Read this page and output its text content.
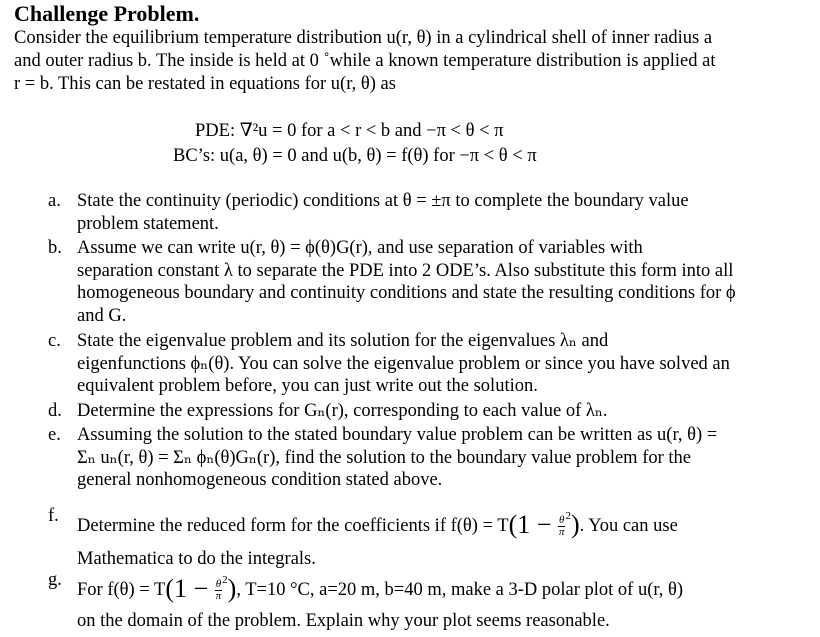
Challenge Problem.
Consider the equilibrium temperature distribution u(r, θ) in a cylindrical shell of inner radius a
and outer radius b. The inside is held at 0 ˚while a known temperature distribution is applied at
r = b. This can be restated in equations for u(r, θ) as
PDE: ∇²u = 0 for a < r < b and −π < θ < π
BC’s: u(a, θ) = 0 and u(b, θ) = f(θ) for −π < θ < π
a. State the continuity (periodic) conditions at θ = ±π to complete the boundary value
problem statement.
b. Assume we can write u(r, θ) = ϕ(θ)G(r), and use separation of variables with
separation constant λ to separate the PDE into 2 ODE’s. Also substitute this form into all
homogeneous boundary and continuity conditions and state the resulting conditions for ϕ
and G.
c. State the eigenvalue problem and its solution for the eigenvalues λₙ and
eigenfunctions ϕₙ(θ). You can solve the eigenvalue problem or since you have solved an
equivalent problem before, you can just write out the solution.
d. Determine the expressions for Gₙ(r), corresponding to each value of λₙ.
e. Assuming the solution to the stated boundary value problem can be written as u(r, θ) =
Σₙ uₙ(r, θ) = Σₙ ϕₙ(θ)Gₙ(r), find the solution to the boundary value problem for the
general nonhomogeneous condition stated above.
f. Determine the reduced form for the coefficients if $f(\theta) = T(1 - \frac{\theta}{\pi} ^2)$. You can use
Mathematica to do the integrals.
g. For $f(\theta) = T(1 - \frac{\theta}{\pi} ^2)$, T=10 °C, a=20 m, b=40 m, make a 3-D polar plot of u(r, θ)
on the domain of the problem. Explain why your plot seems reasonable.
